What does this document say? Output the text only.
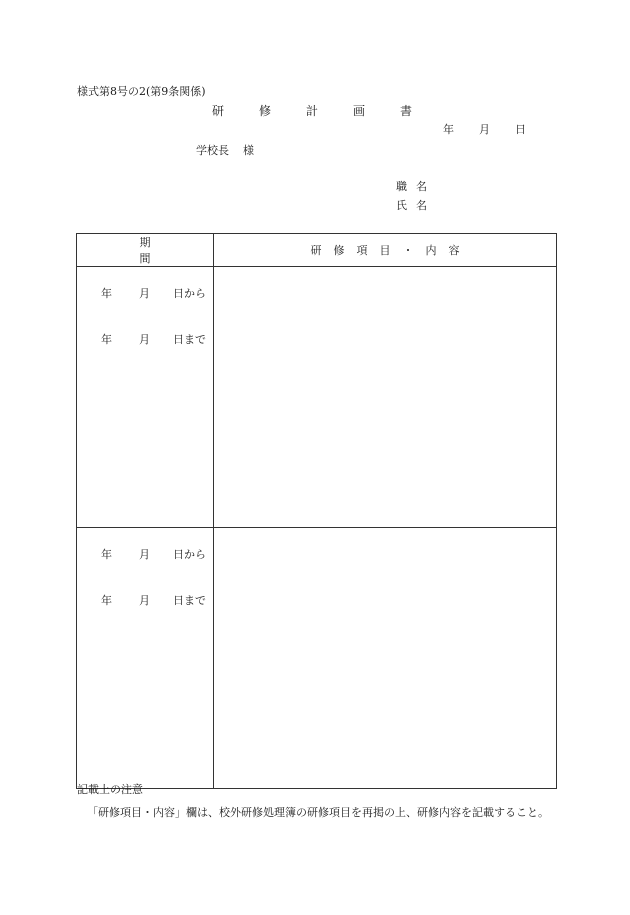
様式第8号の2(第9条関係)
研	修	計	画	書
年 月 日
学校長 様
職名
氏名
期間	研 修 項 目 ・ 内 容

年 月 日から
年 月 日まで	

年 月 日から
年 月 日まで	

記載上の注意
「研修項目・内容」欄は、校外研修処理簿の研修項目を再掲の上、研修内容を記載すること。
